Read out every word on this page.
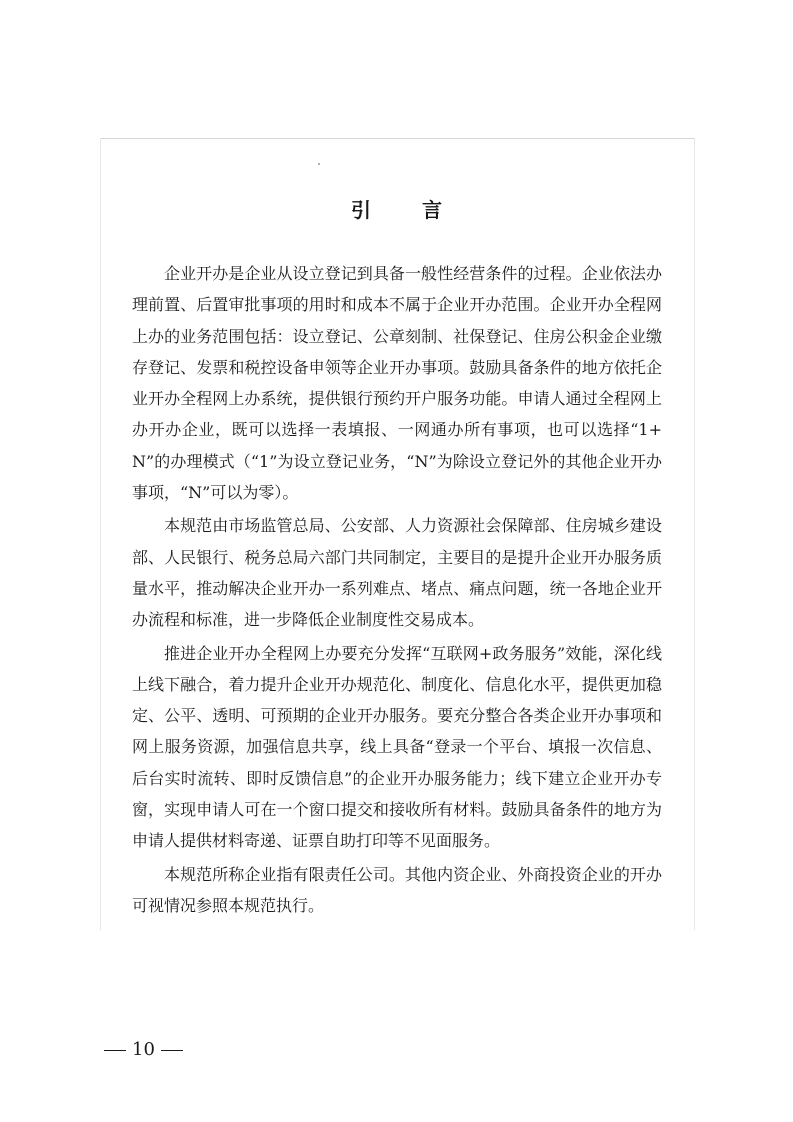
引 言

企业开办是企业从设立登记到具备一般性经营条件的过程。企业依法办理前置、后置审批事项的用时和成本不属于企业开办范围。企业开办全程网上办的业务范围包括：设立登记、公章刻制、社保登记、住房公积金企业缴存登记、发票和税控设备申领等企业开办事项。鼓励具备条件的地方依托企业开办全程网上办系统，提供银行预约开户服务功能。申请人通过全程网上办开办企业，既可以选择一表填报、一网通办所有事项，也可以选择“1+N”的办理模式（“1”为设立登记业务，“N”为除设立登记外的其他企业开办事项，“N”可以为零）。

本规范由市场监管总局、公安部、人力资源社会保障部、住房城乡建设部、人民银行、税务总局六部门共同制定，主要目的是提升企业开办服务质量水平，推动解决企业开办一系列难点、堵点、痛点问题，统一各地企业开办流程和标准，进一步降低企业制度性交易成本。

推进企业开办全程网上办要充分发挥“互联网+政务服务”效能，深化线上线下融合，着力提升企业开办规范化、制度化、信息化水平，提供更加稳定、公平、透明、可预期的企业开办服务。要充分整合各类企业开办事项和网上服务资源，加强信息共享，线上具备“登录一个平台、填报一次信息、后台实时流转、即时反馈信息”的企业开办服务能力；线下建立企业开办专窗，实现申请人可在一个窗口提交和接收所有材料。鼓励具备条件的地方为申请人提供材料寄递、证票自助打印等不见面服务。

本规范所称企业指有限责任公司。其他内资企业、外商投资企业的开办可视情况参照本规范执行。

10
